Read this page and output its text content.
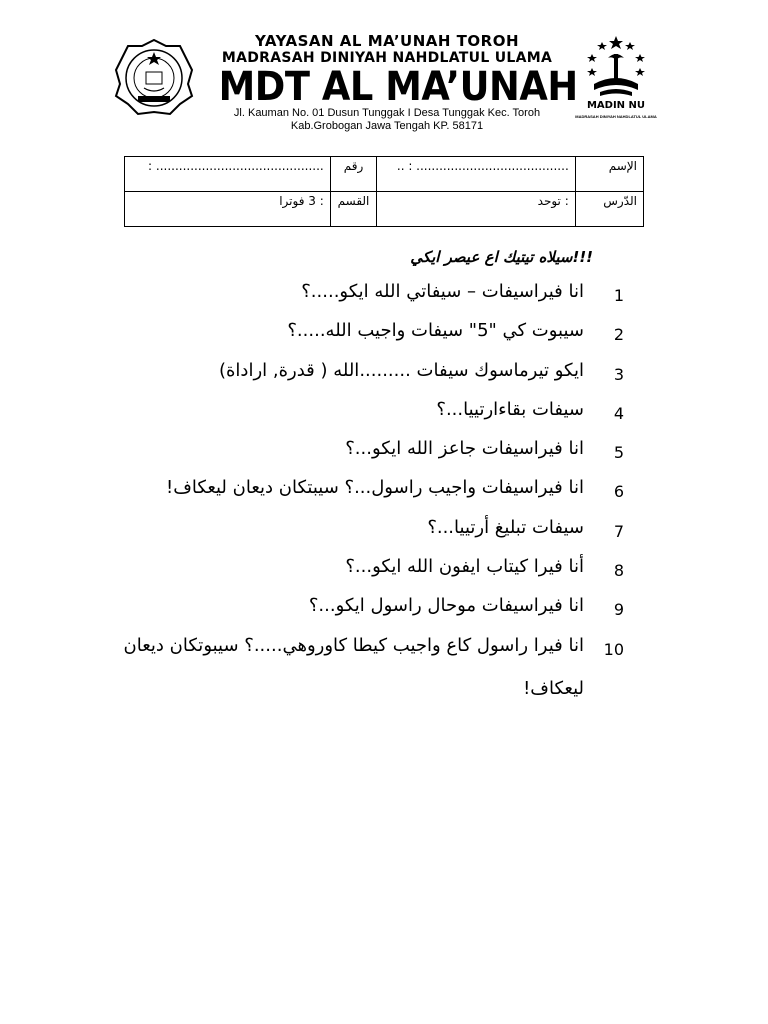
YAYASAN AL MA’UNAH TOROH
MADRASAH DINIYAH NAHDLATUL ULAMA
MDT AL MA’UNAH
Jl. Kauman No. 01 Dusun Tunggak I Desa Tunggak Kec. Toroh
Kab.Grobogan Jawa Tengah KP. 58171
MADIN NU
MADRASAH DINIYAH NAHDLATUL ULAMA
الإسم	........................................ : ..	رقم	............................................ :
الدّرس	: توحد	القسم	: 3 فوترا
!!!سيلاه تيتيك اع عيصر ايكي
1
انا فيراسيفات – سيفاتي الله ايكو.....؟
2
سيبوت كي "5" سيفات واجيب الله.....؟
3
ايكو تيرماسوك سيفات .........الله ( قدرة, اراداة)
4
سيفات بقاءارتييا...؟
5
انا فيراسيفات جاعز الله ايكو...؟
6
انا فيراسيفات واجيب راسول...؟ سيبتكان ديعان ليعكاف!
7
سيفات تبليغ أرتييا...؟
8
أنا فيرا كيتاب ايفون الله ايكو...؟
9
انا فيراسيفات موحال راسول ايكو...؟
10
انا فيرا راسول كاع واجيب كيطا كاوروهي.....؟ سيبوتكان ديعان
ليعكاف!
